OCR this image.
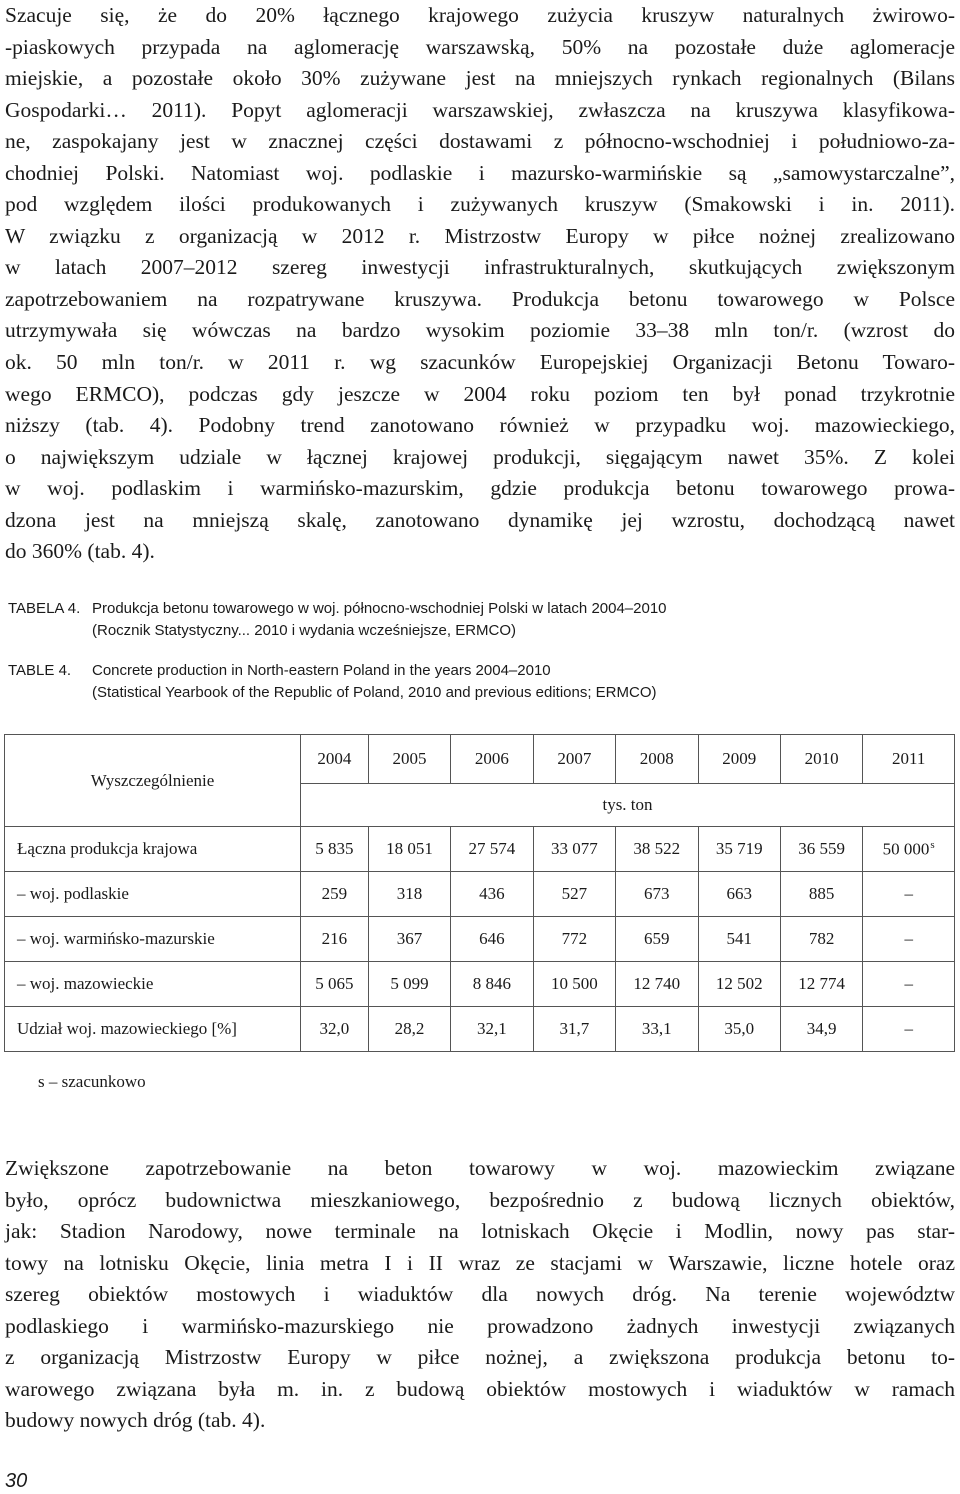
Szacuje się, że do 20% łącznego krajowego zużycia kruszyw naturalnych żwirowo-
-piaskowych przypada na aglomerację warszawską, 50% na pozostałe duże aglomeracje
miejskie, a pozostałe około 30% zużywane jest na mniejszych rynkach regionalnych (Bilans
Gospodarki… 2011). Popyt aglomeracji warszawskiej, zwłaszcza na kruszywa klasyfikowa-
ne, zaspokajany jest w znacznej części dostawami z północno-wschodniej i południowo-za-
chodniej Polski. Natomiast woj. podlaskie i mazursko-warmińskie są „samowystarczalne”,
pod względem ilości produkowanych i zużywanych kruszyw (Smakowski i in. 2011).
W związku z organizacją w 2012 r. Mistrzostw Europy w piłce nożnej zrealizowano
w latach 2007–2012 szereg inwestycji infrastrukturalnych, skutkujących zwiększonym
zapotrzebowaniem na rozpatrywane kruszywa. Produkcja betonu towarowego w Polsce
utrzymywała się wówczas na bardzo wysokim poziomie 33–38 mln ton/r. (wzrost do
ok. 50 mln ton/r. w 2011 r. wg szacunków Europejskiej Organizacji Betonu Towaro-
wego ERMCO), podczas gdy jeszcze w 2004 roku poziom ten był ponad trzykrotnie
niższy (tab. 4). Podobny trend zanotowano również w przypadku woj. mazowieckiego,
o największym udziale w łącznej krajowej produkcji, sięgającym nawet 35%. Z kolei
w woj. podlaskim i warmińsko-mazurskim, gdzie produkcja betonu towarowego prowa-
dzona jest na mniejszą skalę, zanotowano dynamikę jej wzrostu, dochodzącą nawet
do 360% (tab. 4).
TABELA 4. Produkcja betonu towarowego w woj. północno-wschodniej Polski w latach 2004–2010
(Rocznik Statystyczny... 2010 i wydania wcześniejsze, ERMCO)
TABLE 4. Concrete production in North-eastern Poland in the years 2004–2010
(Statistical Yearbook of the Republic of Poland, 2010 and previous editions; ERMCO)
Wyszczególnienie	2004	2005	2006	2007	2008	2009	2010	2011
	tys. ton							
Łączna produkcja krajowa	5 835	18 051	27 574	33 077	38 522	35 719	36 559	50 000$^s$
– woj. podlaskie	259	318	436	527	673	663	885	–
– woj. warmińsko-mazurskie	216	367	646	772	659	541	782	–
– woj. mazowieckie	5 065	5 099	8 846	10 500	12 740	12 502	12 774	–
Udział woj. mazowieckiego [%]	32,0	28,2	32,1	31,7	33,1	35,0	34,9	–
s – szacunkowo
Zwiększone zapotrzebowanie na beton towarowy w woj. mazowieckim związane
było, oprócz budownictwa mieszkaniowego, bezpośrednio z budową licznych obiektów,
jak: Stadion Narodowy, nowe terminale na lotniskach Okęcie i Modlin, nowy pas star-
towy na lotnisku Okęcie, linia metra I i II wraz ze stacjami w Warszawie, liczne hotele oraz
szereg obiektów mostowych i wiaduktów dla nowych dróg. Na terenie województw
podlaskiego i warmińsko-mazurskiego nie prowadzono żadnych inwestycji związanych
z organizacją Mistrzostw Europy w piłce nożnej, a zwiększona produkcja betonu to-
warowego związana była m. in. z budową obiektów mostowych i wiaduktów w ramach
budowy nowych dróg (tab. 4).
30
